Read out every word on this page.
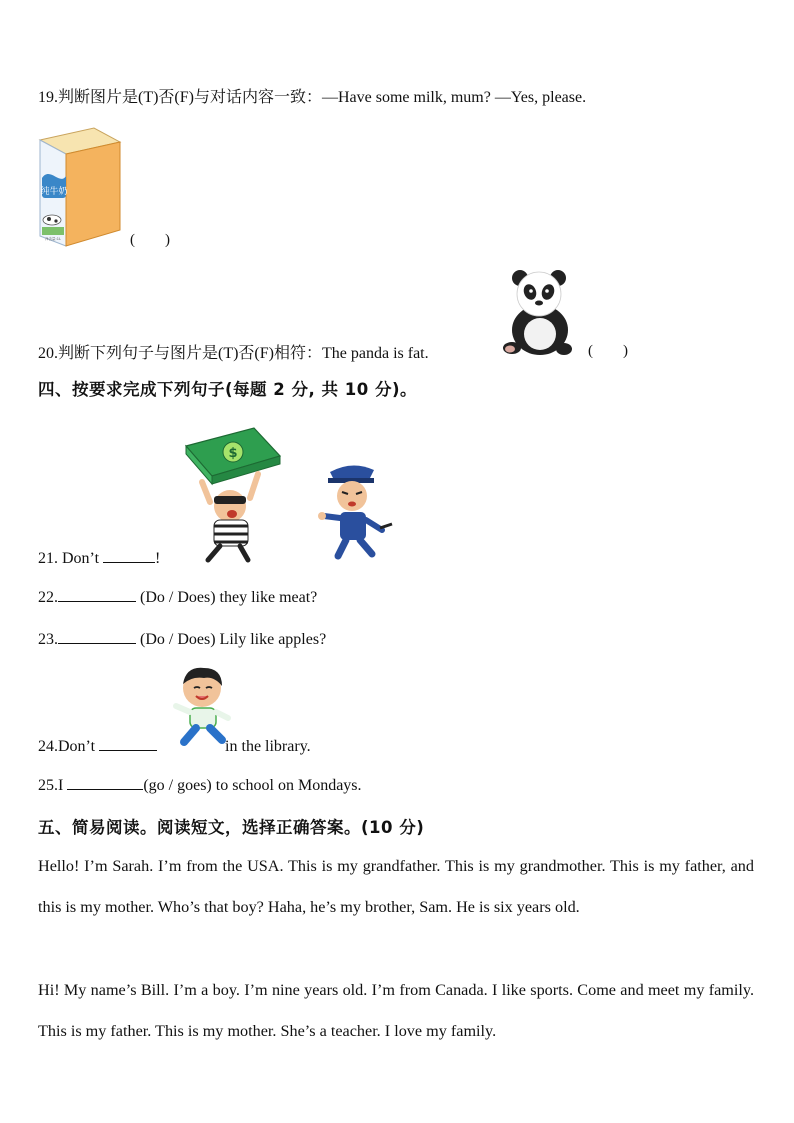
19.判断图片是(T)否(F)与对话内容一致：—Have some milk, mum? —Yes, please.
纯牛奶
净含量:1L	(        )
20.判断下列句子与图片是(T)否(F)相符：The panda is fat.	(        )
四、按要求完成下列句子(每题 2 分, 共 10 分)。
$
21. Don’t	!
22.	(Do / Does) they like meat?
23.	(Do / Does) Lily like apples?
24.Don’t	in the library.
25.I	(go / goes) to school on Mondays.
五、简易阅读。阅读短文，选择正确答案。(10 分)
Hello! I’m Sarah. I’m from the USA. This is my grandfather. This is my grandmother. This is my father, and this is my mother. Who’s that boy? Haha, he’s my brother, Sam. He is six years old.
Hi! My name’s Bill. I’m a boy. I’m nine years old. I’m from Canada. I like sports. Come and meet my family. This is my father. This is my mother. She’s a teacher. I love my family.
